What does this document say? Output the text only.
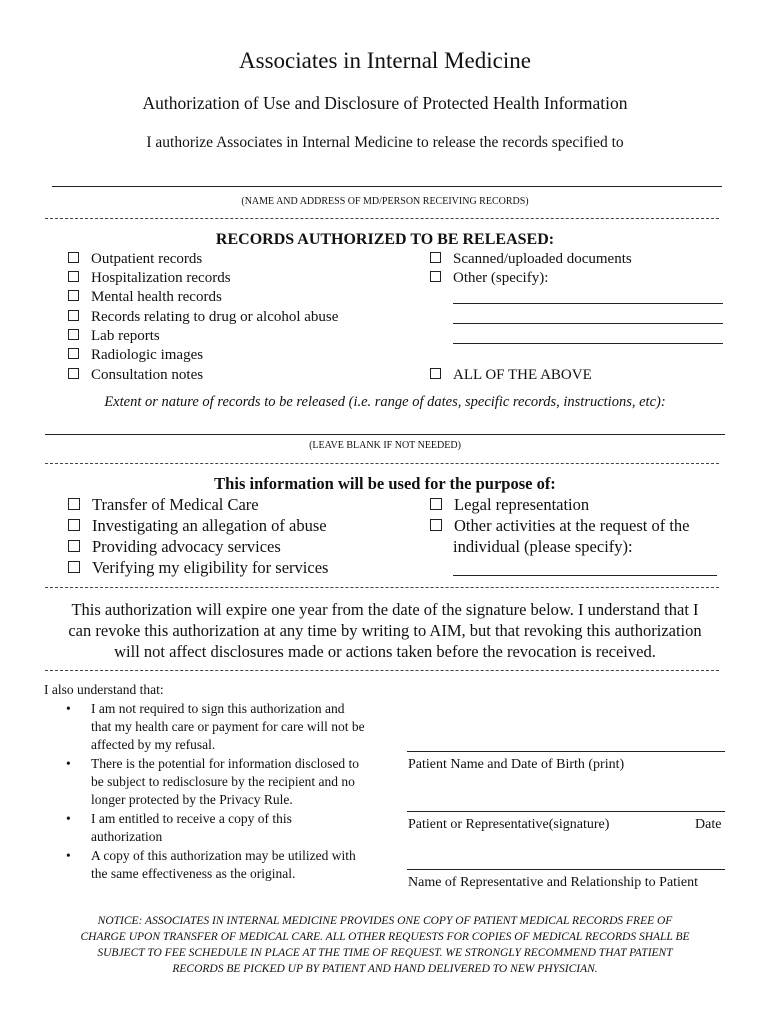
Associates in Internal Medicine
Authorization of Use and Disclosure of Protected Health Information
I authorize Associates in Internal Medicine to release the records specified to
(NAME AND ADDRESS OF MD/PERSON RECEIVING RECORDS)
RECORDS AUTHORIZED TO BE RELEASED:
Outpatient records
Hospitalization records
Mental health records
Records relating to drug or alcohol abuse
Lab reports
Radiologic images
Consultation notes
Scanned/uploaded documents
Other (specify):
ALL OF THE ABOVE
Extent or nature of records to be released (i.e. range of dates, specific records, instructions, etc):
(LEAVE BLANK IF NOT NEEDED)
This information will be used for the purpose of:
Transfer of Medical Care
Investigating an allegation of abuse
Providing advocacy services
Verifying my eligibility for services
Legal representation
Other activities at the request of the
individual (please specify):
This authorization will expire one year from the date of the signature below. I understand that I
can revoke this authorization at any time by writing to AIM, but that revoking this authorization
will not affect disclosures made or actions taken before the revocation is received.
I also understand that:
• I am not required to sign this authorization and that my health care or payment for care will not be affected by my refusal.
• There is the potential for information disclosed to be subject to redisclosure by the recipient and no longer protected by the Privacy Rule.
• I am entitled to receive a copy of this authorization
• A copy of this authorization may be utilized with the same effectiveness as the original.
Patient Name and Date of Birth (print)
Patient or Representative(signature)	Date
Name of Representative and Relationship to Patient
NOTICE: ASSOCIATES IN INTERNAL MEDICINE PROVIDES ONE COPY OF PATIENT MEDICAL RECORDS FREE OF
CHARGE UPON TRANSFER OF MEDICAL CARE. ALL OTHER REQUESTS FOR COPIES OF MEDICAL RECORDS SHALL BE
SUBJECT TO FEE SCHEDULE IN PLACE AT THE TIME OF REQUEST. WE STRONGLY RECOMMEND THAT PATIENT
RECORDS BE PICKED UP BY PATIENT AND HAND DELIVERED TO NEW PHYSICIAN.
